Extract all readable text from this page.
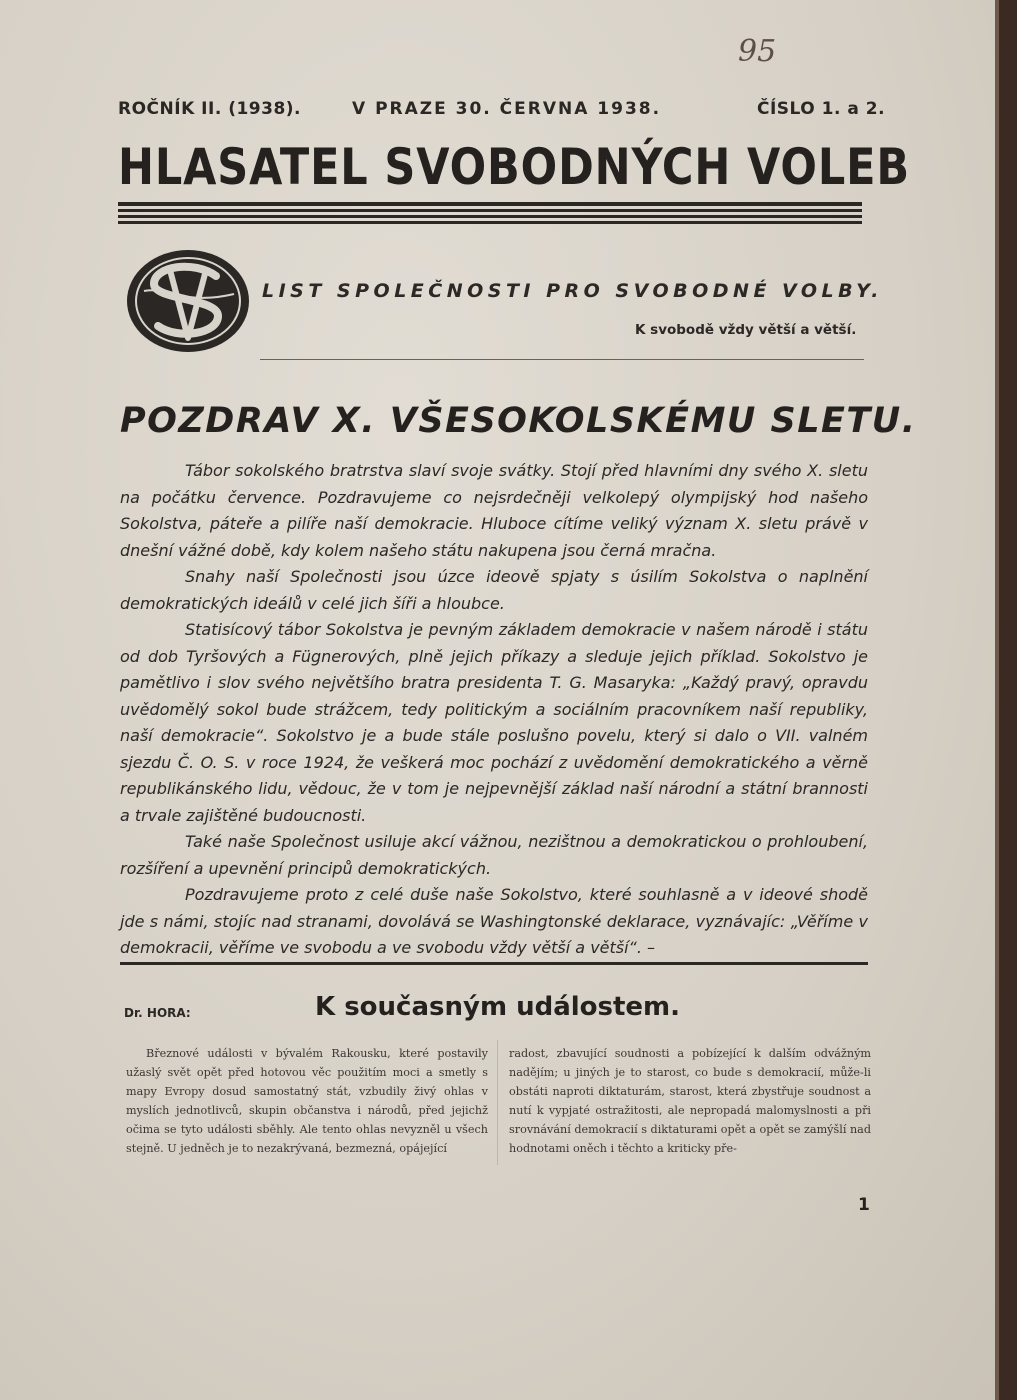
95
ROČNÍK II. (1938).	V PRAZE 30. ČERVNA 1938.	ČÍSLO 1. a 2.
HLASATEL SVOBODNÝCH VOLEB
LIST SPOLEČNOSTI PRO SVOBODNÉ VOLBY.
K svobodě vždy větší a větší.
POZDRAV X. VŠESOKOLSKÉMU SLETU.

Tábor sokolského bratrstva slaví svoje svátky. Stojí před hlavními dny svého X. sletu na počátku července. Pozdravujeme co nejsrdečněji velkolepý olympijský hod našeho Sokolstva, páteře a pilíře naší demokracie. Hluboce cítíme veliký význam X. sletu právě v dnešní vážné době, kdy kolem našeho státu nakupena jsou černá mračna.

Snahy naší Společnosti jsou úzce ideově spjaty s úsilím Sokolstva o naplnění demokratických ideálů v celé jich šíři a hloubce.

Statisícový tábor Sokolstva je pevným základem demokracie v našem národě i státu od dob Tyršových a Fügnerových, plně jejich příkazy a sleduje jejich příklad. Sokolstvo je pamětlivo i slov svého největšího bratra presidenta T. G. Masaryka: „Každý pravý, opravdu uvědomělý sokol bude strážcem, tedy politickým a sociálním pracovníkem naší republiky, naší demokracie“. Sokolstvo je a bude stále poslušno povelu, který si dalo o VII. valném sjezdu Č. O. S. v roce 1924, že veškerá moc pochází z uvědomění demokratického a věrně republikánského lidu, vědouc, že v tom je nejpevnější základ naší národní a státní brannosti a trvale zajištěné budoucnosti.

Také naše Společnost usiluje akcí vážnou, nezištnou a demokratickou o prohloubení, rozšíření a upevnění principů demokratických.

Pozdravujeme proto z celé duše naše Sokolstvo, které souhlasně a v ideové shodě jde s námi, stojíc nad stranami, dovolává se Washingtonské deklarace, vyznávajíc: „Věříme v demokracii, věříme ve svobodu a ve svobodu vždy větší a větší“. –

Dr. HORA:	K současným událostem.

Březnové události v bývalém Rakousku, které postavily užaslý svět opět před hotovou věc použitím moci a smetly s mapy Evropy dosud samostatný stát, vzbudily živý ohlas v myslích jednotlivců, skupin občanstva i národů, před jejichž očima se tyto události sběhly. Ale tento ohlas nevyzněl u všech stejně. U jedněch je to nezakrývaná, bezmezná, opájející

radost, zbavující soudnosti a pobízející k dalším odvážným nadějím; u jiných je to starost, co bude s demokracií, může-li obstáti naproti diktaturám, starost, která zbystřuje soudnost a nutí k vypjaté ostražitosti, ale nepropadá malomyslnosti a při srovnávání demokracií s diktaturami opět a opět se zamýšlí nad hodnotami oněch i těchto a kriticky pře-

1
